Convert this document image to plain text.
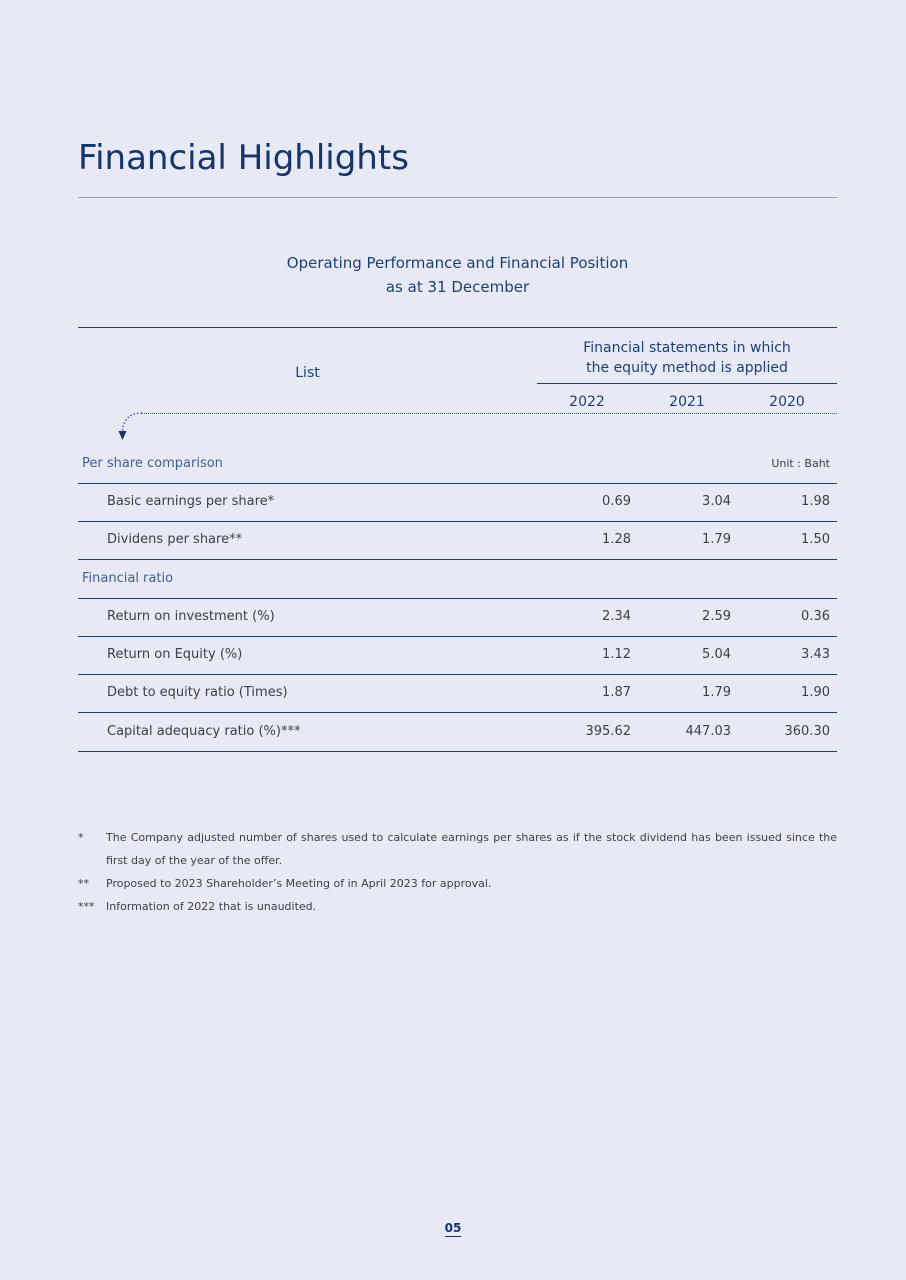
Financial Highlights
Operating Performance and Financial Position
as at 31 December
List
Financial statements in which
the equity method is applied
2022	2021	2020
Per share comparison	Unit : Baht
Basic earnings per share*	0.69	3.04	1.98
Dividens per share**	1.28	1.79	1.50
Financial ratio
Return on investment (%)	2.34	2.59	0.36
Return on Equity (%)	1.12	5.04	3.43
Debt to equity ratio (Times)	1.87	1.79	1.90
Capital adequacy ratio (%)***	395.62	447.03	360.30
*	The Company adjusted number of shares used to calculate earnings per shares as if the stock dividend has been issued since the first day of the year of the offer.
**	Proposed to 2023 Shareholder’s Meeting of in April 2023 for approval.
***	Information of 2022 that is unaudited.
05
